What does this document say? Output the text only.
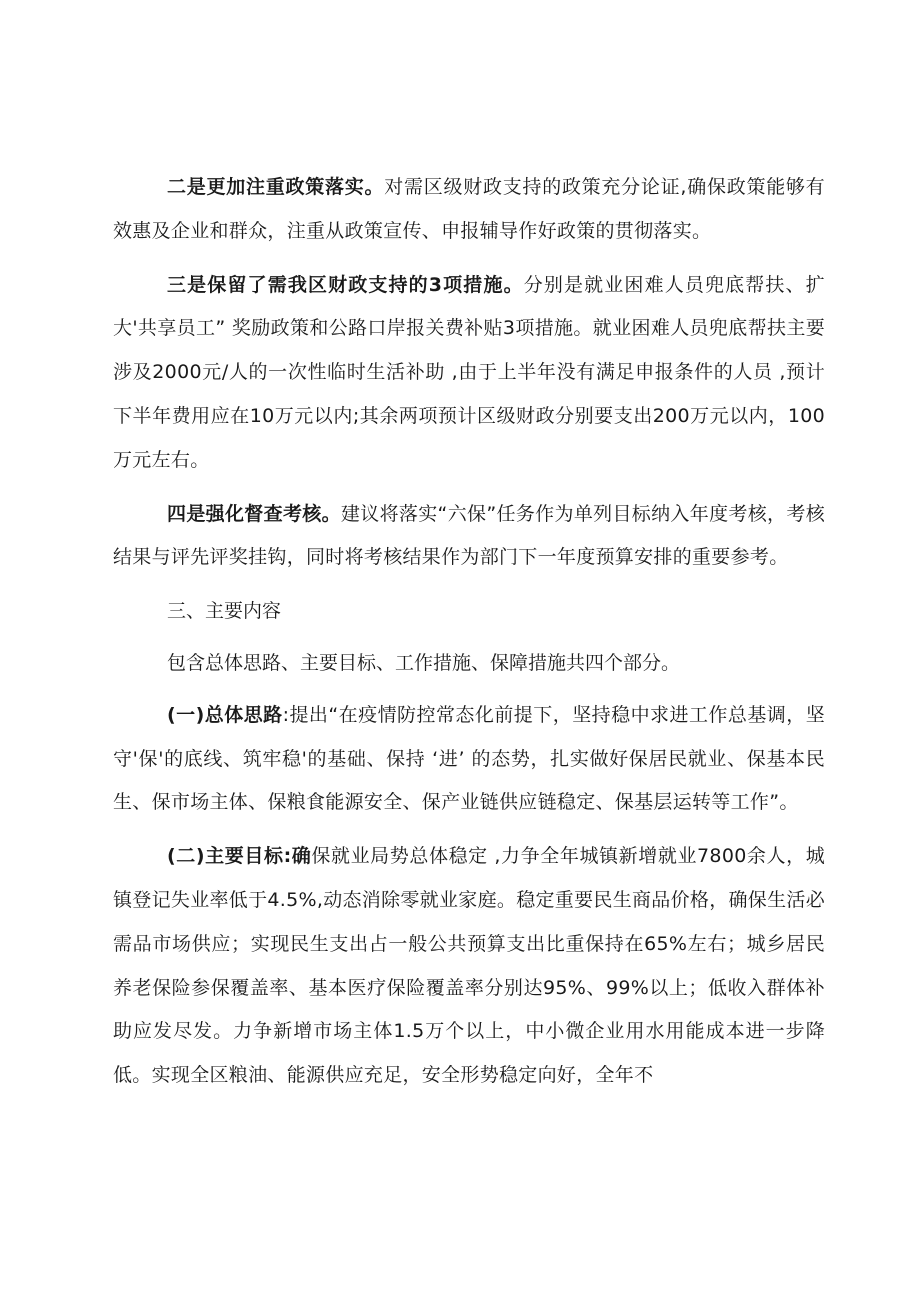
二是更加注重政策落实。对需区级财政支持的政策充分论证,确保政策能够有效惠及企业和群众，注重从政策宣传、申报辅导作好政策的贯彻落实。

三是保留了需我区财政支持的3项措施。分别是就业困难人员兜底帮扶、扩大'共享员工” 奖励政策和公路口岸报关费补贴3项措施。就业困难人员兜底帮扶主要涉及2000元/人的一次性临时生活补助 ,由于上半年没有满足申报条件的人员 ,预计下半年费用应在10万元以内;其余两项预计区级财政分别要支出200万元以内，100万元左右。

四是强化督查考核。建议将落实“六保”任务作为单列目标纳入年度考核，考核结果与评先评奖挂钩，同时将考核结果作为部门下一年度预算安排的重要参考。

三、主要内容

包含总体思路、主要目标、工作措施、保障措施共四个部分。

(一)总体思路:提出“在疫情防控常态化前提下，坚持稳中求进工作总基调，坚守'保'的底线、筑牢稳'的基础、保持 ‘进’ 的态势，扎实做好保居民就业、保基本民生、保市场主体、保粮食能源安全、保产业链供应链稳定、保基层运转等工作”。

(二)主要目标:确保就业局势总体稳定 ,力争全年城镇新增就业7800余人，城镇登记失业率低于4.5%,动态消除零就业家庭。稳定重要民生商品价格，确保生活必需品市场供应；实现民生支出占一般公共预算支出比重保持在65%左右；城乡居民养老保险参保覆盖率、基本医疗保险覆盖率分别达95%、99%以上；低收入群体补助应发尽发。力争新增市场主体1.5万个以上，中小微企业用水用能成本进一步降低。实现全区粮油、能源供应充足，安全形势稳定向好，全年不
